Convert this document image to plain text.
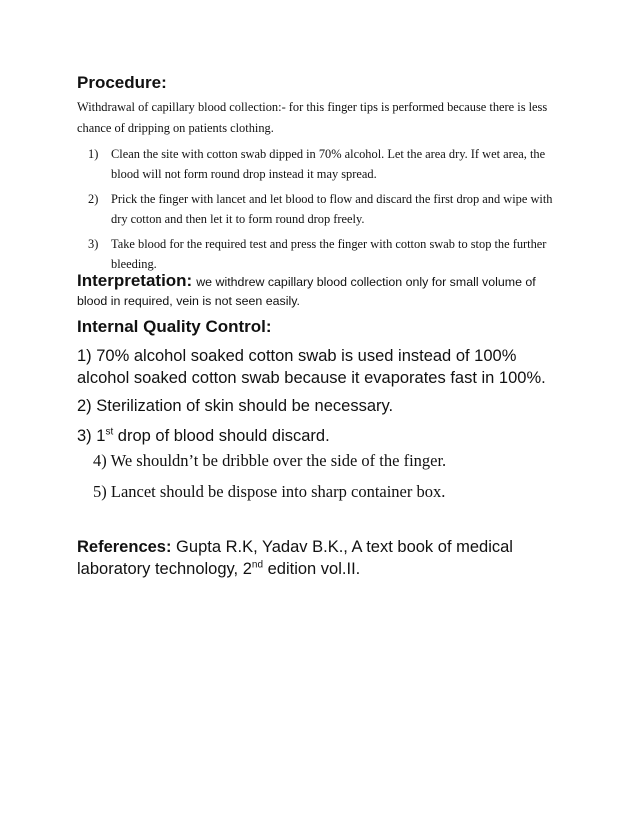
Procedure:

Withdrawal of capillary blood collection:- for this finger tips is performed because there is less chance of dripping on patients clothing.

1) Clean the site with cotton swab dipped in 70% alcohol. Let the area dry. If wet area, the blood will not form round drop instead it may spread.
2) Prick the finger with lancet and let blood to flow and discard the first drop and wipe with dry cotton and then let it to form round drop freely.
3) Take blood for the required test and press the finger with cotton swab to stop the further bleeding.

Interpretation: we withdrew capillary blood collection only for small volume of blood in required, vein is not seen easily.

Internal Quality Control:

1) 70% alcohol soaked cotton swab is used instead of 100% alcohol soaked cotton swab because it evaporates fast in 100%.

2) Sterilization of skin should be necessary.

3) 1st drop of blood should discard.

4) We shouldn’t be dribble over the side of the finger.

5) Lancet should be dispose into sharp container box.

References: Gupta R.K, Yadav B.K., A text book of medical laboratory technology, 2nd edition vol.II.
